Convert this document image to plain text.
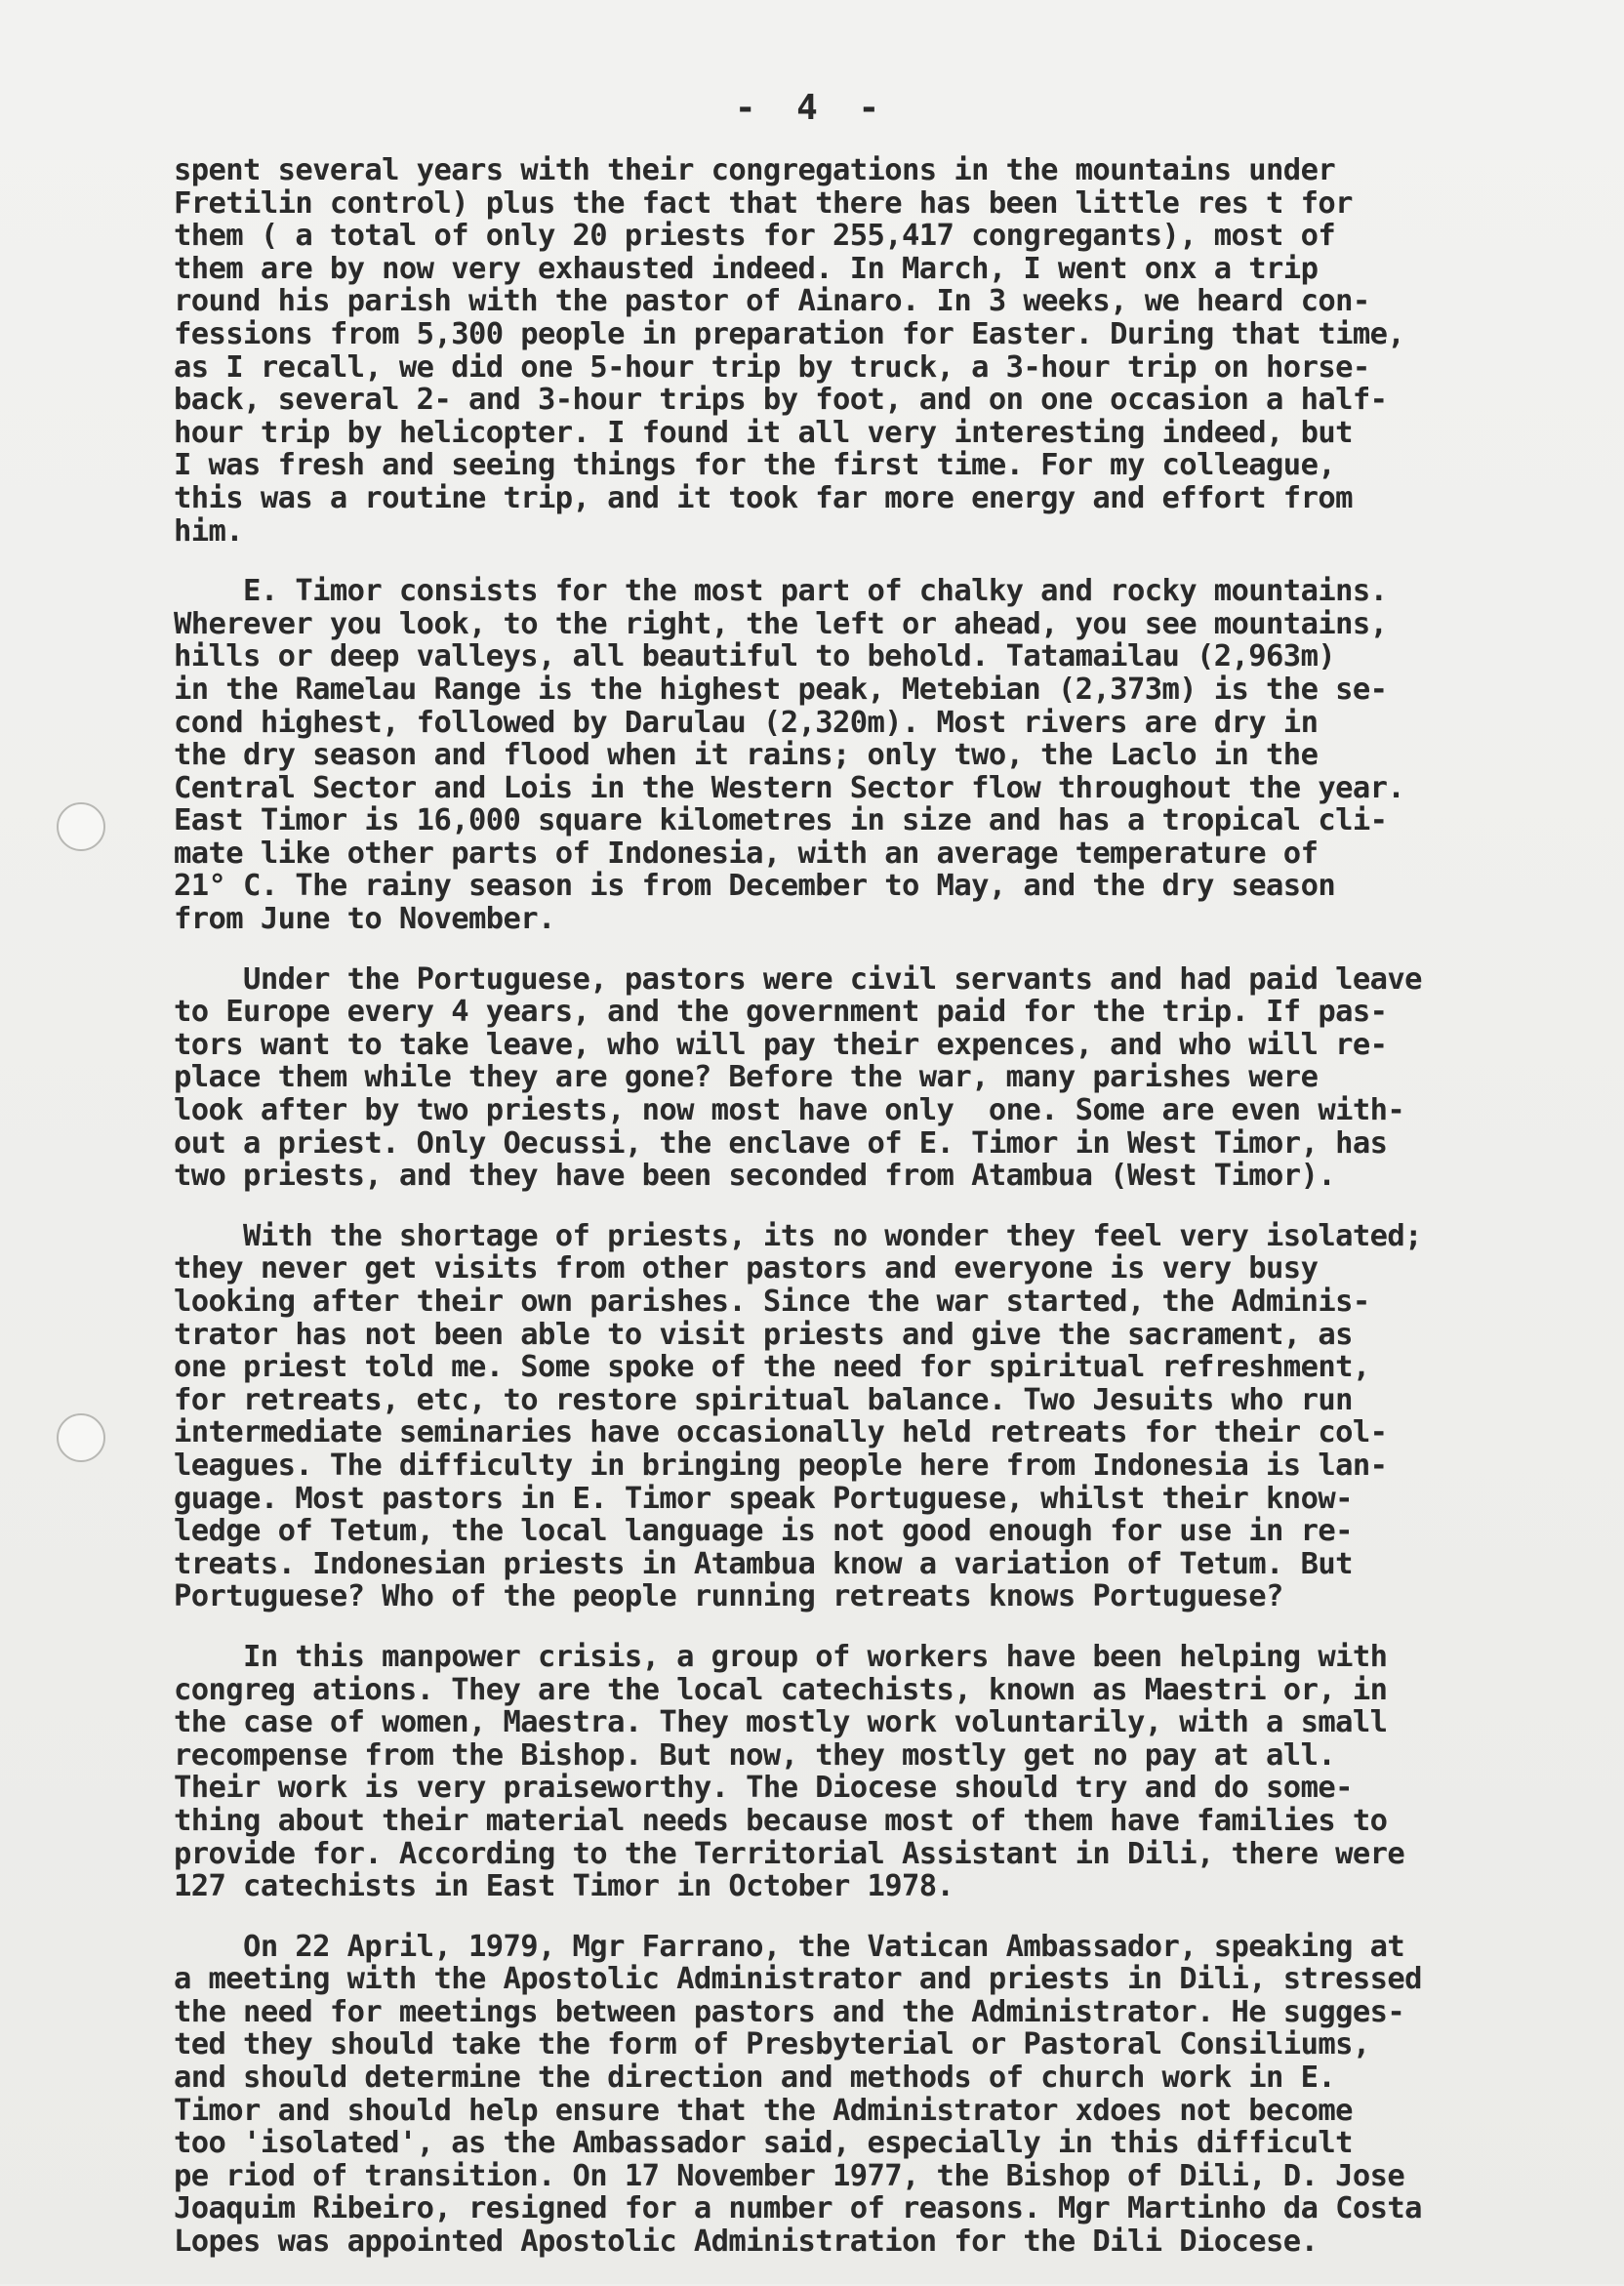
- 4 -
spent several years with their congregations in the mountains under
Fretilin control) plus the fact that there has been little res t for
them ( a total of only 20 priests for 255,417 congregants), most of
them are by now very exhausted indeed. In March, I went onx a trip
round his parish with the pastor of Ainaro. In 3 weeks, we heard con-
fessions from 5,300 people in preparation for Easter. During that time,
as I recall, we did one 5-hour trip by truck, a 3-hour trip on horse-
back, several 2- and 3-hour trips by foot, and on one occasion a half-
hour trip by helicopter. I found it all very interesting indeed, but
I was fresh and seeing things for the first time. For my colleague,
this was a routine trip, and it took far more energy and effort from
him.
E. Timor consists for the most part of chalky and rocky mountains.
Wherever you look, to the right, the left or ahead, you see mountains,
hills or deep valleys, all beautiful to behold. Tatamailau (2,963m)
in the Ramelau Range is the highest peak, Metebian (2,373m) is the se-
cond highest, followed by Darulau (2,320m). Most rivers are dry in
the dry season and flood when it rains; only two, the Laclo in the
Central Sector and Lois in the Western Sector flow throughout the year.
East Timor is 16,000 square kilometres in size and has a tropical cli-
mate like other parts of Indonesia, with an average temperature of
21° C. The rainy season is from December to May, and the dry season
from June to November.
Under the Portuguese, pastors were civil servants and had paid leave
to Europe every 4 years, and the government paid for the trip. If pas-
tors want to take leave, who will pay their expences, and who will re-
place them while they are gone? Before the war, many parishes were
look after by two priests, now most have only  one. Some are even with-
out a priest. Only Oecussi, the enclave of E. Timor in West Timor, has
two priests, and they have been seconded from Atambua (West Timor).
With the shortage of priests, its no wonder they feel very isolated;
they never get visits from other pastors and everyone is very busy
looking after their own parishes. Since the war started, the Adminis-
trator has not been able to visit priests and give the sacrament, as
one priest told me. Some spoke of the need for spiritual refreshment,
for retreats, etc, to restore spiritual balance. Two Jesuits who run
intermediate seminaries have occasionally held retreats for their col-
leagues. The difficulty in bringing people here from Indonesia is lan-
guage. Most pastors in E. Timor speak Portuguese, whilst their know-
ledge of Tetum, the local language is not good enough for use in re-
treats. Indonesian priests in Atambua know a variation of Tetum. But
Portuguese? Who of the people running retreats knows Portuguese?
In this manpower crisis, a group of workers have been helping with
congreg ations. They are the local catechists, known as Maestri or, in
the case of women, Maestra. They mostly work voluntarily, with a small
recompense from the Bishop. But now, they mostly get no pay at all.
Their work is very praiseworthy. The Diocese should try and do some-
thing about their material needs because most of them have families to
provide for. According to the Territorial Assistant in Dili, there were
127 catechists in East Timor in October 1978.
On 22 April, 1979, Mgr Farrano, the Vatican Ambassador, speaking at
a meeting with the Apostolic Administrator and priests in Dili, stressed
the need for meetings between pastors and the Administrator. He sugges-
ted they should take the form of Presbyterial or Pastoral Consiliums,
and should determine the direction and methods of church work in E.
Timor and should help ensure that the Administrator xdoes not become
too 'isolated', as the Ambassador said, especially in this difficult
pe riod of transition. On 17 November 1977, the Bishop of Dili, D. Jose
Joaquim Ribeiro, resigned for a number of reasons. Mgr Martinho da Costa
Lopes was appointed Apostolic Administration for the Dili Diocese.
